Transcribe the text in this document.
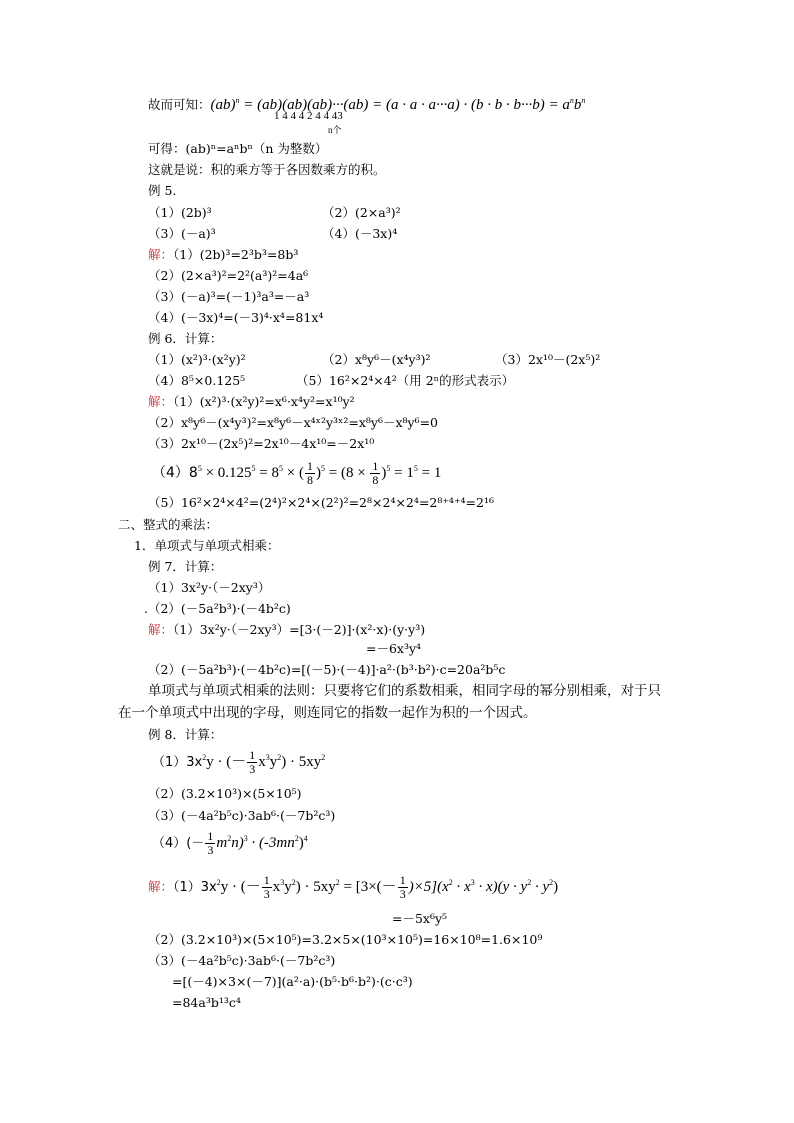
故而可知：$(ab)^n = (ab)(ab)(ab)\cdot\cdot\cdot(ab) = (a \cdot a \cdot a\cdot\cdot\cdot a) \cdot (b \cdot b \cdot b\cdot\cdot\cdot b) = a^nb^n$
1 4 4 4 2 4 4 43
n个
可得：(ab)ⁿ=aⁿbⁿ（n 为整数）
这就是说：积的乘方等于各因数乘方的积。
例 5.
（1）(2b)³	（2）(2×a³)²
（3）(－a)³	（4）(－3x)⁴
解：（1）(2b)³=2³b³=8b³
（2）(2×a³)²=2²(a³)²=4a⁶
（3）(－a)³=(－1)³a³=－a³
（4）(－3x)⁴=(－3)⁴·x⁴=81x⁴
例 6．计算：
（1）(x²)³·(x²y)²	（2）x⁸y⁶－(x⁴y³)²	（3）2x¹⁰－(2x⁵)²
（4）8⁵×0.125⁵	（5）16²×2⁴×4²（用 2ⁿ的形式表示）
解：（1）(x²)³·(x²y)²=x⁶·x⁴y²=x¹⁰y²
（2）x⁸y⁶－(x⁴y³)²=x⁸y⁶－x⁴ˣ²y³ˣ²=x⁸y⁶－x⁸y⁶=0
（3）2x¹⁰－(2x⁵)²=2x¹⁰－4x¹⁰=－2x¹⁰
$(4)8^5 \times 0.125^5 = 8^5$ × ( $\frac{1}{8} )^5 = (8 \times \frac{1}{8} )^5 = 1^5 = 1$
（5）16²×2⁴×4²=(2⁴)²×2⁴×(2²)²=2⁸×2⁴×2⁴=2⁸⁺⁴⁺⁴=2¹⁶
二、整式的乘法：
1．单项式与单项式相乘：
例 7．计算：
（1）3x²y·（－2xy³）
.（2）(－5a²b³)·(－4b²c)
解：（1）3x²y·（－2xy³）=[3·(－2)]·(x²·x)·(y·y³)
=－6x³y⁴
（2）(－5a²b³)·(－4b²c)=[(－5)·(－4)]·a²·(b³·b²)·c=20a²b⁵c
单项式与单项式相乘的法则：只要将它们的系数相乘，相同字母的幂分别相乘，对于只
在一个单项式中出现的字母，则连同它的指数一起作为积的一个因式。
例 8．计算：
$(1)3x^2y$ · (－ $\frac{1}{3} x^3y^2) \cdot 5xy^2$
（2）(3.2×10³)×(5×10⁵)
（3）(－4a²b⁵c)·3ab⁶·(－7b²c³)
$(4)(- \frac{1}{3} m^2n)^3 \cdot (-3mn^2)^4$
解：$(1)3x^2y$ · (－ $\frac{1}{3} x^3y^2) \cdot 5xy^2 = [3\times(- \frac{1}{3} )\times 5](x^2 \cdot x^3 \cdot x)(y \cdot y^2 \cdot y^2)$
=－5x⁶y⁵
（2）(3.2×10³)×(5×10⁵)=3.2×5×(10³×10⁵)=16×10⁸=1.6×10⁹
（3）(－4a²b⁵c)·3ab⁶·(－7b²c³)
=[(－4)×3×(－7)](a²·a)·(b⁵·b⁶·b²)·(c·c³)
=84a³b¹³c⁴
